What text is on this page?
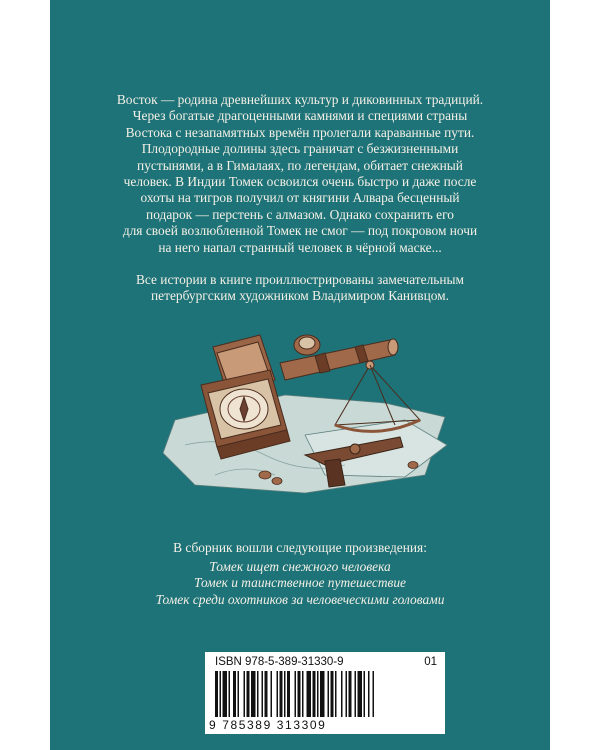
Восток — родина древнейших культур и диковинных традиций.
Через богатые драгоценными камнями и специями страны
Востока с незапамятных времён пролегали караванные пути.
Плодородные долины здесь граничат с безжизненными
пустынями, а в Гималаях, по легендам, обитает снежный
человек. В Индии Томек освоился очень быстро и даже после
охоты на тигров получил от княгини Алвара бесценный
подарок — перстень с алмазом. Однако сохранить его
для своей возлюбленной Томек не смог — под покровом ночи
на него напал странный человек в чёрной маске...
Все истории в книге проиллюстрированы замечательным
петербургским художником Владимиром Канивцом.
В сборник вошли следующие произведения:
Томек ищет снежного человека
Томек и таинственное путешествие
Томек среди охотников за человеческими головами
ISBN 978-5-389-31330-9	01
9 785389 313309
